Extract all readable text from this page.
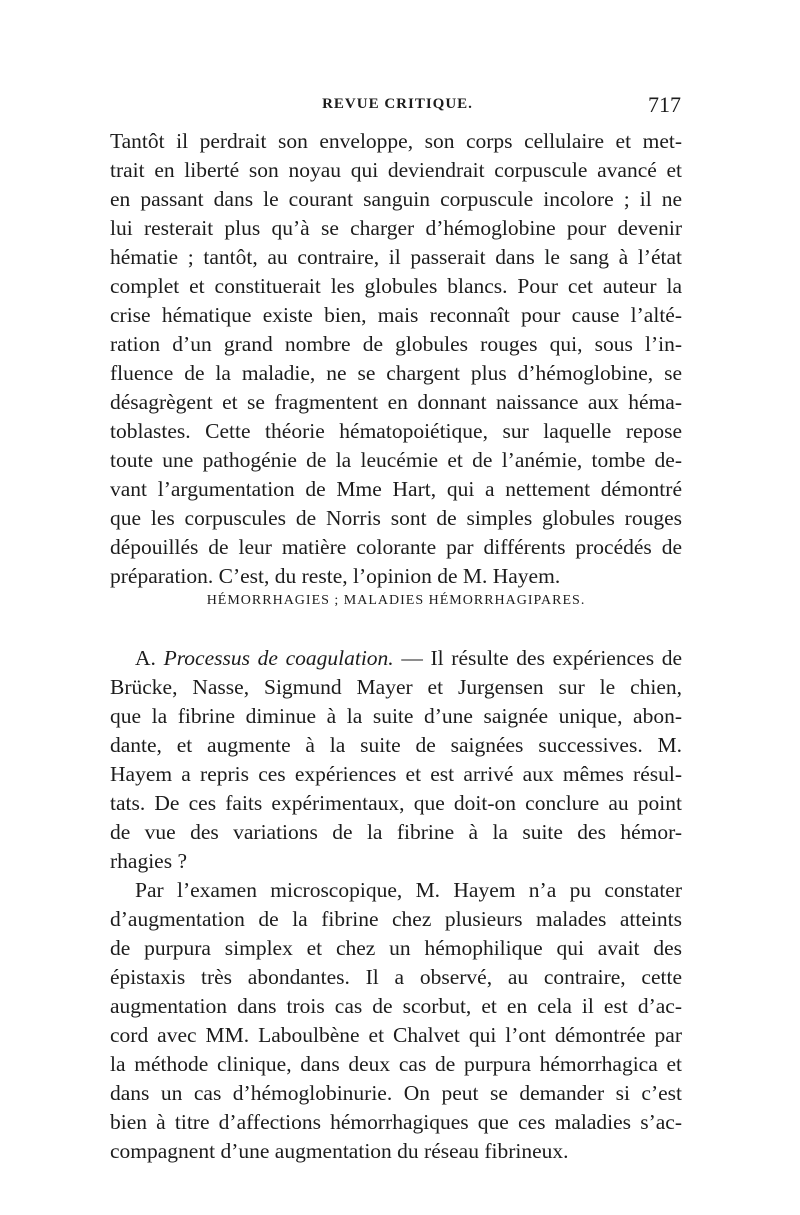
REVUE CRITIQUE.	717
Tantôt il perdrait son enveloppe, son corps cellulaire et met-
trait en liberté son noyau qui deviendrait corpuscule avancé et
en passant dans le courant sanguin corpuscule incolore ; il ne
lui resterait plus qu’à se charger d’hémoglobine pour devenir
hématie ; tantôt, au contraire, il passerait dans le sang à l’état
complet et constituerait les globules blancs. Pour cet auteur la
crise hématique existe bien, mais reconnaît pour cause l’alté-
ration d’un grand nombre de globules rouges qui, sous l’in-
fluence de la maladie, ne se chargent plus d’hémoglobine, se
désagrègent et se fragmentent en donnant naissance aux héma-
toblastes. Cette théorie hématopoiétique, sur laquelle repose
toute une pathogénie de la leucémie et de l’anémie, tombe de-
vant l’argumentation de Mme Hart, qui a nettement démontré
que les corpuscules de Norris sont de simples globules rouges
dépouillés de leur matière colorante par différents procédés de
préparation. C’est, du reste, l’opinion de M. Hayem.
HÉMORRHAGIES ; MALADIES HÉMORRHAGIPARES.
A. Processus de coagulation. — Il résulte des expériences de
Brücke, Nasse, Sigmund Mayer et Jurgensen sur le chien,
que la fibrine diminue à la suite d’une saignée unique, abon-
dante, et augmente à la suite de saignées successives. M.
Hayem a repris ces expériences et est arrivé aux mêmes résul-
tats. De ces faits expérimentaux, que doit-on conclure au point
de vue des variations de la fibrine à la suite des hémor-
rhagies ?
Par l’examen microscopique, M. Hayem n’a pu constater
d’augmentation de la fibrine chez plusieurs malades atteints
de purpura simplex et chez un hémophilique qui avait des
épistaxis très abondantes. Il a observé, au contraire, cette
augmentation dans trois cas de scorbut, et en cela il est d’ac-
cord avec MM. Laboulbène et Chalvet qui l’ont démontrée par
la méthode clinique, dans deux cas de purpura hémorrhagica et
dans un cas d’hémoglobinurie. On peut se demander si c’est
bien à titre d’affections hémorrhagiques que ces maladies s’ac-
compagnent d’une augmentation du réseau fibrineux.
